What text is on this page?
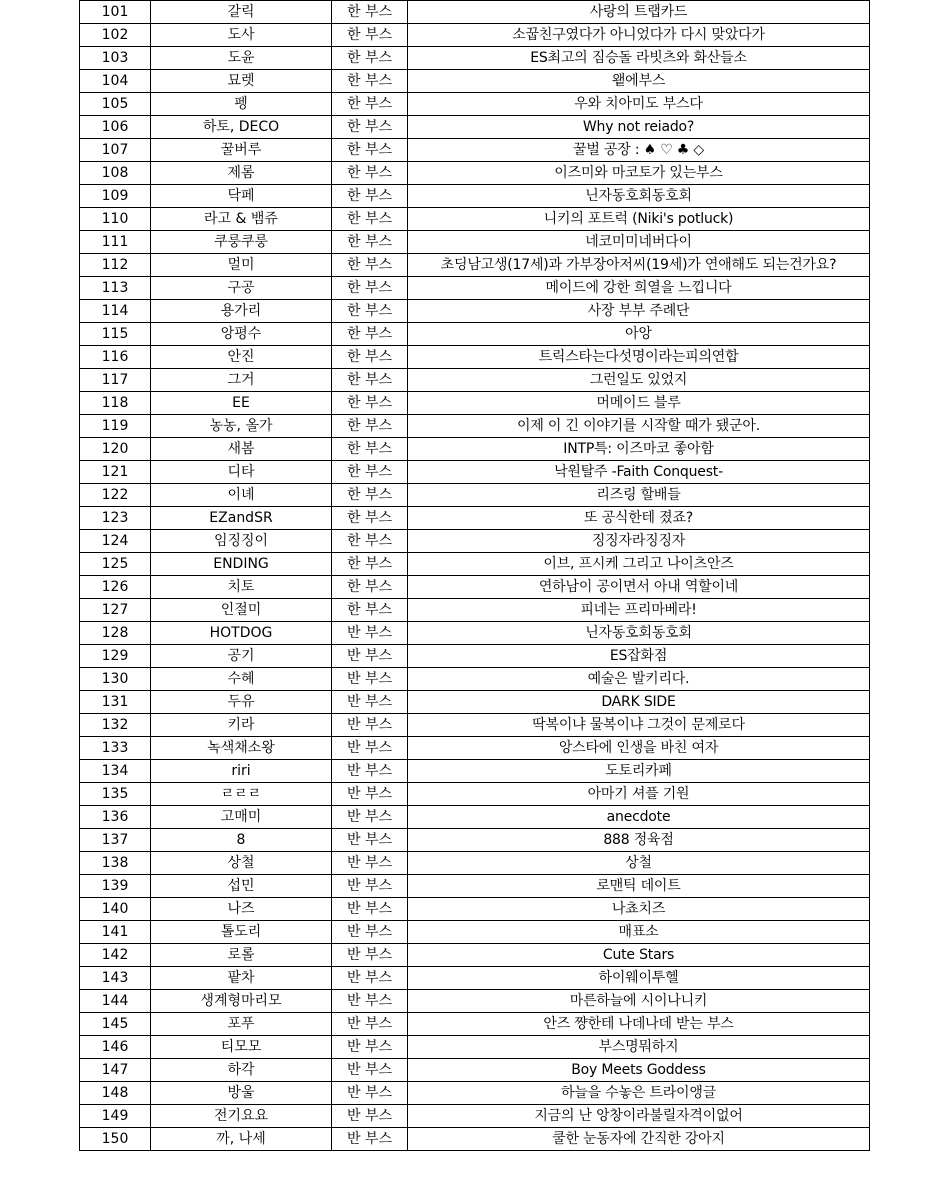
101	갈릭	한 부스	사랑의 트랩카드
102	도사	한 부스	소꿉친구였다가 아니었다가 다시 맞았다가
103	도윤	한 부스	ES최고의 짐승돌 라빗츠와 화산들소
104	묘렛	한 부스	왵에부스
105	펭	한 부스	우와 치아미도 부스다
106	하토, DECO	한 부스	Why not reiado?
107	꿀버루	한 부스	꿀벌 공장 : ♠ ♡ ♣ ◇
108	제롬	한 부스	이즈미와 마코토가 있는부스
109	닥페	한 부스	닌자동호회동호회
110	라고 & 뱀쥬	한 부스	니키의 포트럭 (Niki's potluck)
111	쿠룽쿠룽	한 부스	네코미미네버다이
112	멀미	한 부스	초딩남고생(17세)과 가부장아저씨(19세)가 연애해도 되는건가요?
113	구공	한 부스	메이드에 강한 희열을 느낍니다
114	용가리	한 부스	사장 부부 주례단
115	앙평수	한 부스	아앙
116	안진	한 부스	트릭스타는다섯명이라는피의연합
117	그거	한 부스	그런일도 있었지
118	EE	한 부스	머메이드 블루
119	농농, 올가	한 부스	이제 이 긴 이야기를 시작할 때가 됐군아.
120	새봄	한 부스	INTP특: 이즈마코 좋아함
121	디타	한 부스	낙원탈주 -Faith Conquest-
122	이녜	한 부스	리즈링 할배들
123	EZandSR	한 부스	또 공식한테 졌죠?
124	임징징이	한 부스	징징자라징징자
125	ENDING	한 부스	이브, 프시케 그리고 나이츠안즈
126	치토	한 부스	연하남이 공이면서 아내 역할이네
127	인절미	한 부스	피네는 프리마베라!
128	HOTDOG	반 부스	닌자동호회동호회
129	공기	반 부스	ES잡화점
130	수혜	반 부스	예술은 발키리다.
131	두유	반 부스	DARK SIDE
132	키라	반 부스	딱복이냐 물복이냐 그것이 문제로다
133	녹색채소왕	반 부스	앙스타에 인생을 바친 여자
134	riri	반 부스	도토리카페
135	ㄹㄹㄹ	반 부스	아마기 셔플 기원
136	고매미	반 부스	anecdote
137	8	반 부스	888 정육점
138	상철	반 부스	상철
139	섭민	반 부스	로맨틱 데이트
140	나즈	반 부스	나쵸치즈
141	톨도리	반 부스	매표소
142	로롤	반 부스	Cute Stars
143	팥차	반 부스	하이웨이투헬
144	생계형마리모	반 부스	마른하늘에 시이나니키
145	포푸	반 부스	안즈 쨩한테 나데나데 받는 부스
146	티모모	반 부스	부스명뭐하지
147	하각	반 부스	Boy Meets Goddess
148	방울	반 부스	하늘을 수놓은 트라이앵글
149	전기요요	반 부스	지금의 난 앙창이라불릴자격이없어
150	까, 나세	반 부스	쿨한 눈동자에 간직한 강아지
